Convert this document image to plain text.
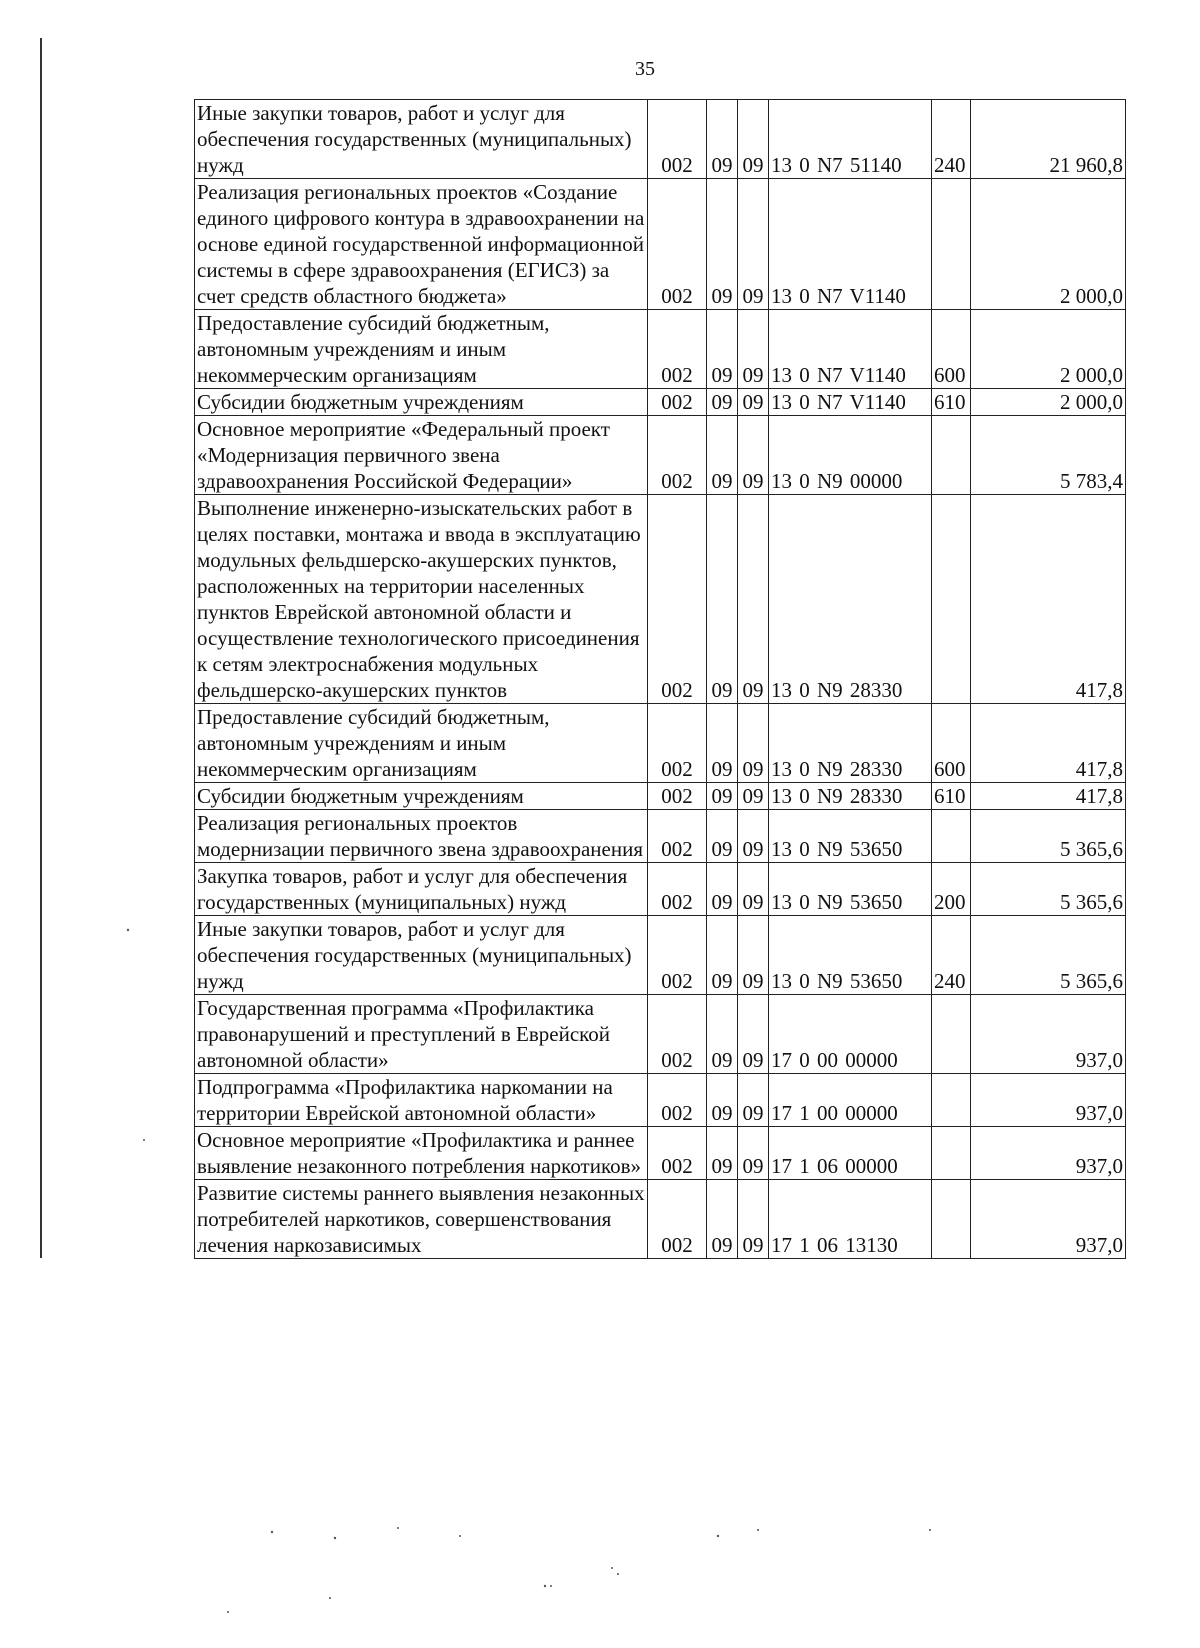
35
Иные закупки товаров, работ и услуг для обеспечения государственных (муниципальных) нужд	002	09	09	13 0 N7 51140	240	21 960,8
Реализация региональных проектов «Создание единого цифрового контура в здравоохранении на основе единой государственной информационной системы в сфере здравоохранения (ЕГИСЗ) за счет средств областного бюджета»	002	09	09	13 0 N7 V1140		2 000,0
Предоставление субсидий бюджетным, автономным учреждениям и иным некоммерческим организациям	002	09	09	13 0 N7 V1140	600	2 000,0
Субсидии бюджетным учреждениям	002	09	09	13 0 N7 V1140	610	2 000,0
Основное мероприятие «Федеральный проект «Модернизация первичного звена здравоохранения Российской Федерации»	002	09	09	13 0 N9 00000		5 783,4
Выполнение инженерно-изыскательских работ в целях поставки, монтажа и ввода в эксплуатацию модульных фельдшерско-акушерских пунктов, расположенных на территории населенных пунктов Еврейской автономной области и осуществление технологического присоединения к сетям электроснабжения модульных фельдшерско-акушерских пунктов	002	09	09	13 0 N9 28330		417,8
Предоставление субсидий бюджетным, автономным учреждениям и иным некоммерческим организациям	002	09	09	13 0 N9 28330	600	417,8
Субсидии бюджетным учреждениям	002	09	09	13 0 N9 28330	610	417,8
Реализация региональных проектов модернизации первичного звена здравоохранения	002	09	09	13 0 N9 53650		5 365,6
Закупка товаров, работ и услуг для обеспечения государственных (муниципальных) нужд	002	09	09	13 0 N9 53650	200	5 365,6
Иные закупки товаров, работ и услуг для обеспечения государственных (муниципальных) нужд	002	09	09	13 0 N9 53650	240	5 365,6
Государственная программа «Профилактика правонарушений и преступлений в Еврейской автономной области»	002	09	09	17 0 00 00000		937,0
Подпрограмма «Профилактика наркомании на территории Еврейской автономной области»	002	09	09	17 1 00 00000		937,0
Основное мероприятие «Профилактика и раннее выявление незаконного потребления наркотиков»	002	09	09	17 1 06 00000		937,0
Развитие системы раннего выявления незаконных потребителей наркотиков, совершенствования лечения наркозависимых	002	09	09	17 1 06 13130		937,0
